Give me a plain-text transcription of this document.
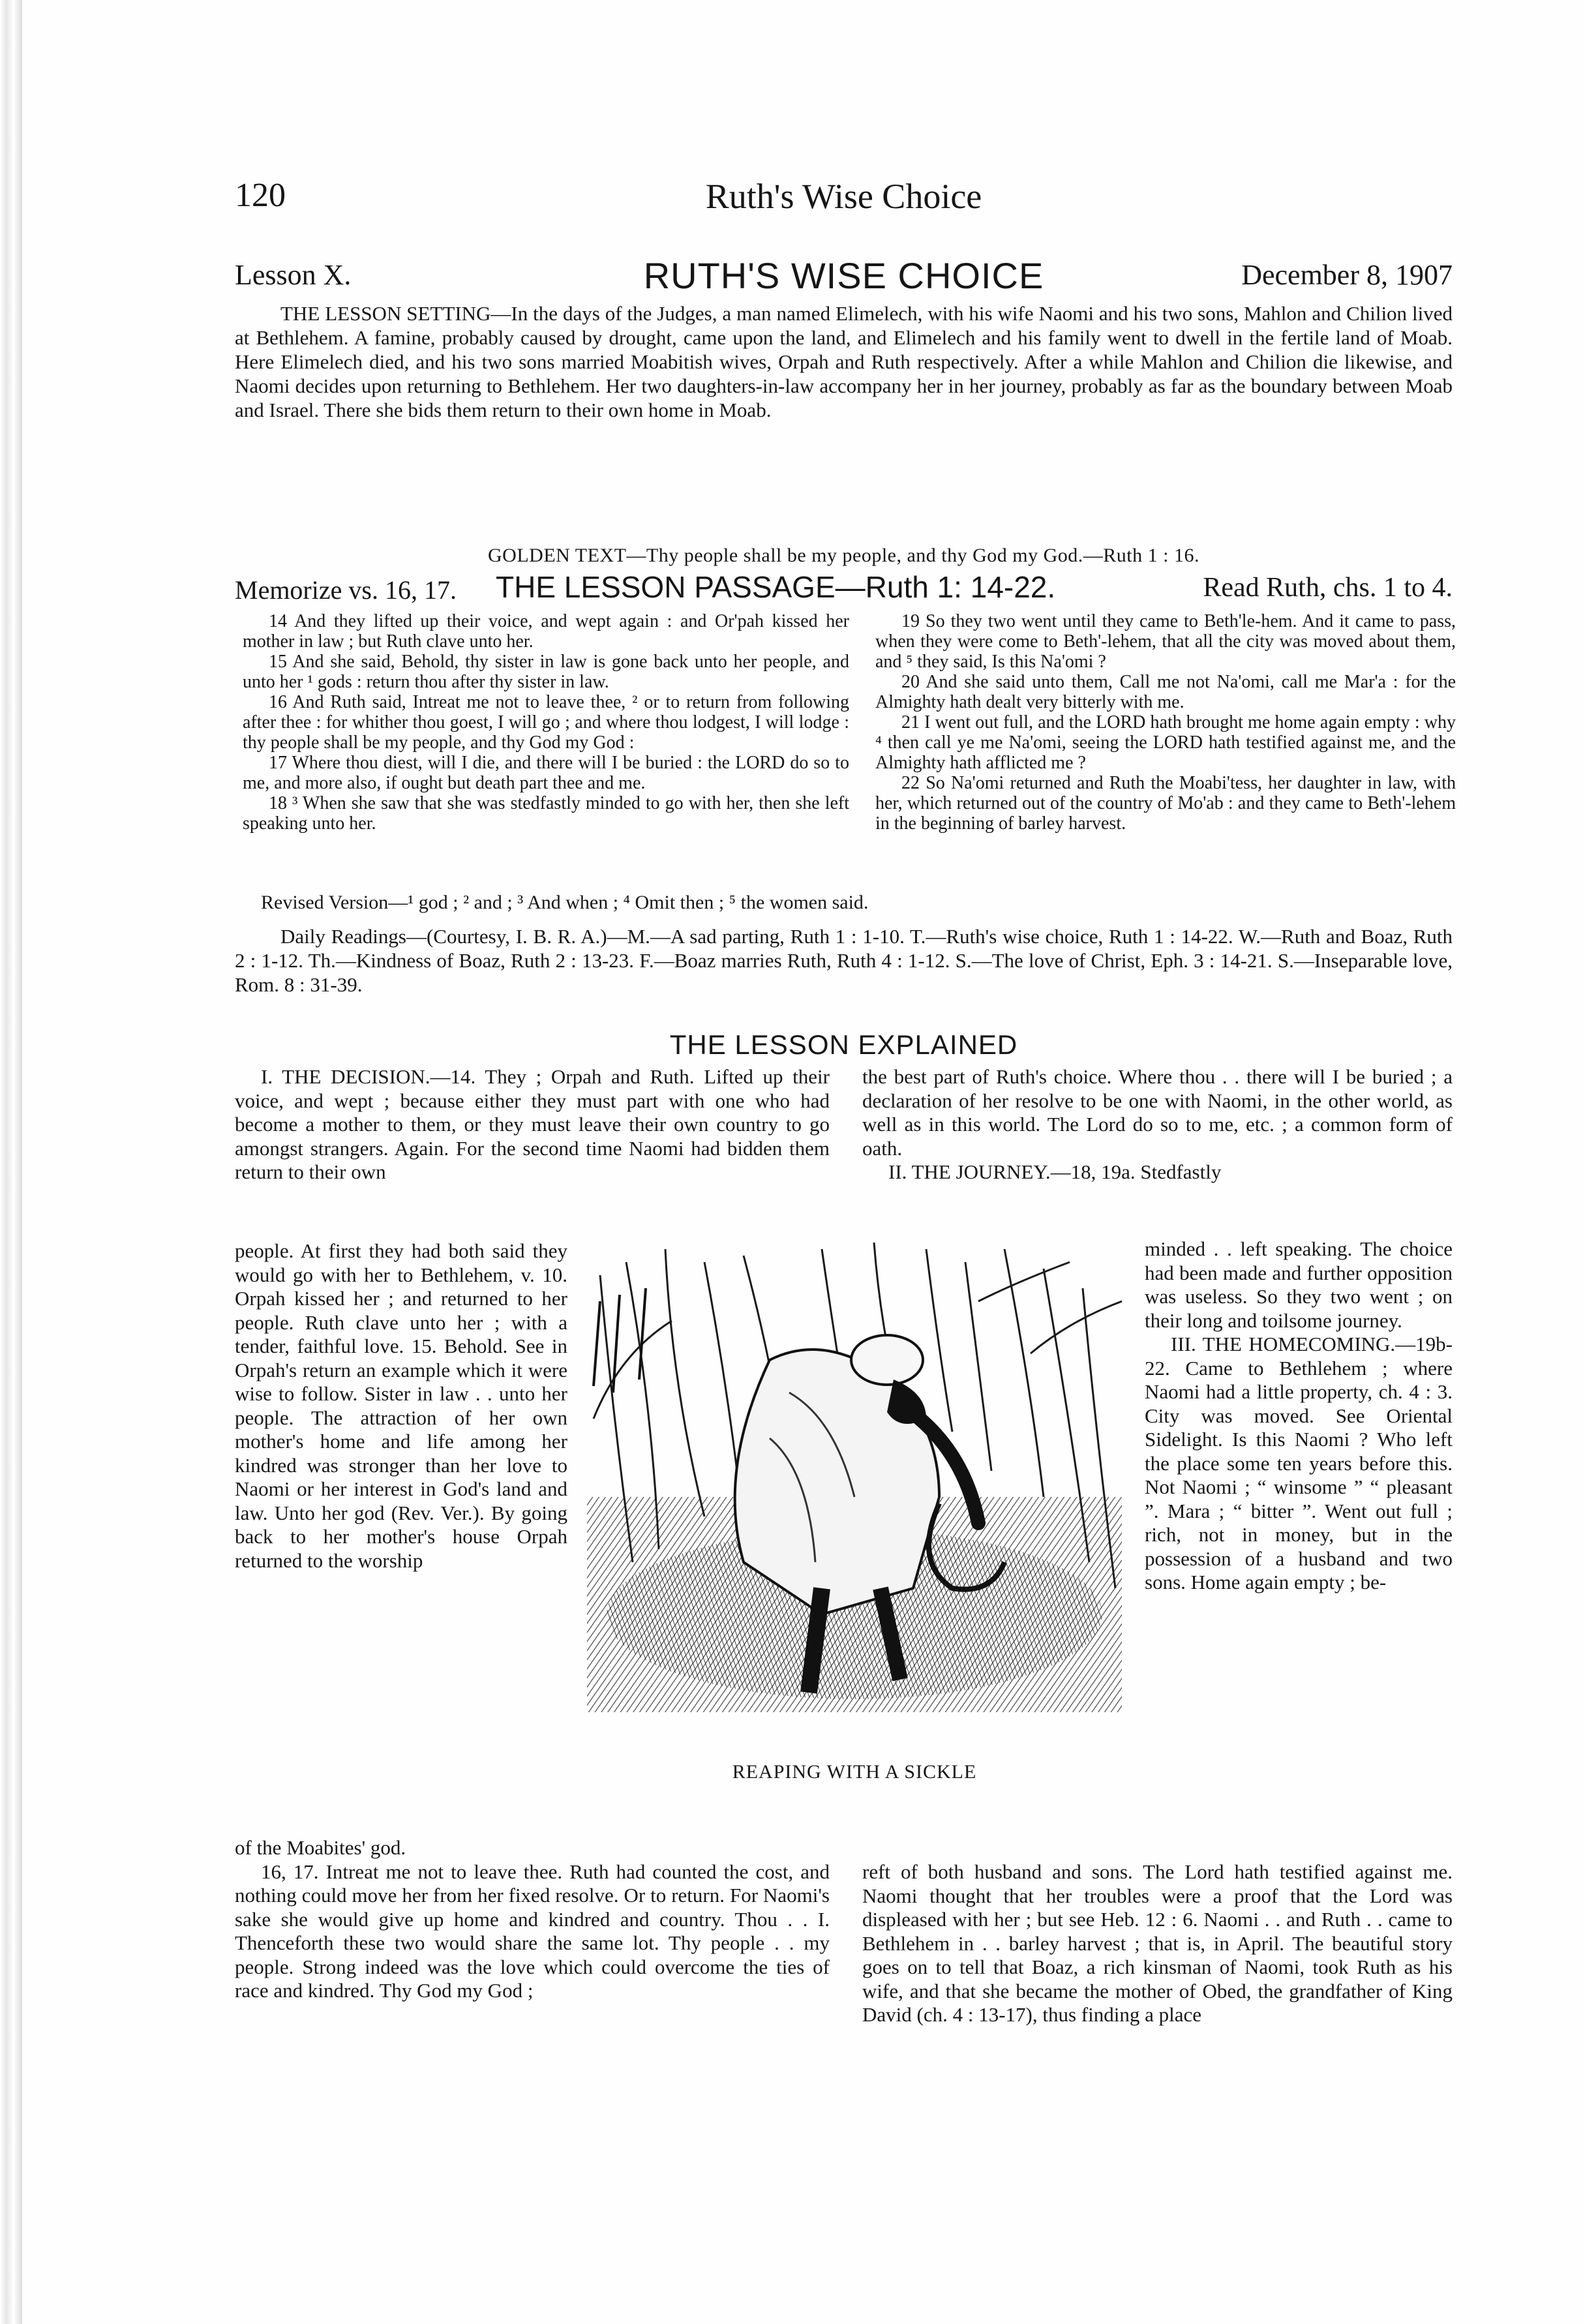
120	Ruth's Wise Choice
Lesson X.	RUTH'S WISE CHOICE	December 8, 1907
THE LESSON SETTING—In the days of the Judges, a man named Elimelech, with his wife Naomi and his two sons, Mahlon and Chilion lived at Bethlehem. A famine, probably caused by drought, came upon the land, and Elimelech and his family went to dwell in the fertile land of Moab. Here Elimelech died, and his two sons married Moabitish wives, Orpah and Ruth respectively. After a while Mahlon and Chilion die likewise, and Naomi decides upon returning to Bethlehem. Her two daughters-in-law accompany her in her journey, probably as far as the boundary between Moab and Israel. There she bids them return to their own home in Moab.
GOLDEN TEXT—Thy people shall be my people, and thy God my God.—Ruth 1 : 16.
Memorize vs. 16, 17. THE LESSON PASSAGE—Ruth 1: 14-22.	Read Ruth, chs. 1 to 4.

14 And they lifted up their voice, and wept again : and Or'pah kissed her mother in law ; but Ruth clave unto her.

15 And she said, Behold, thy sister in law is gone back unto her people, and unto her ¹ gods : return thou after thy sister in law.

16 And Ruth said, Intreat me not to leave thee, ² or to return from following after thee : for whither thou goest, I will go ; and where thou lodgest, I will lodge : thy people shall be my people, and thy God my God :

17 Where thou diest, will I die, and there will I be buried : the LORD do so to me, and more also, if ought but death part thee and me.

18 ³ When she saw that she was stedfastly minded to go with her, then she left speaking unto her.

19 So they two went until they came to Beth'le-hem. And it came to pass, when they were come to Beth'-lehem, that all the city was moved about them, and ⁵ they said, Is this Na'omi ?

20 And she said unto them, Call me not Na'omi, call me Mar'a : for the Almighty hath dealt very bitterly with me.

21 I went out full, and the LORD hath brought me home again empty : why ⁴ then call ye me Na'omi, seeing the LORD hath testified against me, and the Almighty hath afflicted me ?

22 So Na'omi returned and Ruth the Moabi'tess, her daughter in law, with her, which returned out of the country of Mo'ab : and they came to Beth'-lehem in the beginning of barley harvest.

Revised Version—¹ god ; ² and ; ³ And when ; ⁴ Omit then ; ⁵ the women said.
Daily Readings—(Courtesy, I. B. R. A.)—M.—A sad parting, Ruth 1 : 1-10. T.—Ruth's wise choice, Ruth 1 : 14-22. W.—Ruth and Boaz, Ruth 2 : 1-12. Th.—Kindness of Boaz, Ruth 2 : 13-23. F.—Boaz marries Ruth, Ruth 4 : 1-12. S.—The love of Christ, Eph. 3 : 14-21. S.—Inseparable love, Rom. 8 : 31-39.
THE LESSON EXPLAINED
I. THE DECISION.—14. They ; Orpah and Ruth. Lifted up their voice, and wept ; because either they must part with one who had become a mother to them, or they must leave their own country to go amongst strangers. Again. For the second time Naomi had bidden them return to their own
people. At first they had both said they would go with her to Bethlehem, v. 10. Orpah kissed her ; and returned to her people. Ruth clave unto her ; with a tender, faithful love. 15. Behold. See in Orpah's return an example which it were wise to follow. Sister in law . . unto her people. The attraction of her own mother's home and life among her kindred was stronger than her love to Naomi or her interest in God's land and law. Unto her god (Rev. Ver.). By going back to her mother's house Orpah returned to the worship

of the Moabites' god.

16, 17. Intreat me not to leave thee. Ruth had counted the cost, and nothing could move her from her fixed resolve. Or to return. For Naomi's sake she would give up home and kindred and country. Thou . . I. Thenceforth these two would share the same lot. Thy people . . my people. Strong indeed was the love which could overcome the ties of race and kindred. Thy God my God ;

the best part of Ruth's choice. Where thou . . there will I be buried ; a declaration of her resolve to be one with Naomi, in the other world, as well as in this world. The Lord do so to me, etc. ; a common form of oath.

II. THE JOURNEY.—18, 19a. Stedfastly

minded . . left speaking. The choice had been made and further opposition was useless. So they two went ; on their long and toilsome journey.

III. THE HOMECOMING.—19b-22. Came to Bethlehem ; where Naomi had a little property, ch. 4 : 3. City was moved. See Oriental Sidelight. Is this Naomi ? Who left the place some ten years before this. Not Naomi ; “ winsome ” “ pleasant ”. Mara ; “ bitter ”. Went out full ; rich, not in money, but in the possession of a husband and two sons. Home again empty ; be-

reft of both husband and sons. The Lord hath testified against me. Naomi thought that her troubles were a proof that the Lord was displeased with her ; but see Heb. 12 : 6. Naomi . . and Ruth . . came to Bethlehem in . . barley harvest ; that is, in April. The beautiful story goes on to tell that Boaz, a rich kinsman of Naomi, took Ruth as his wife, and that she became the mother of Obed, the grandfather of King David (ch. 4 : 13-17), thus finding a place
REAPING WITH A SICKLE
